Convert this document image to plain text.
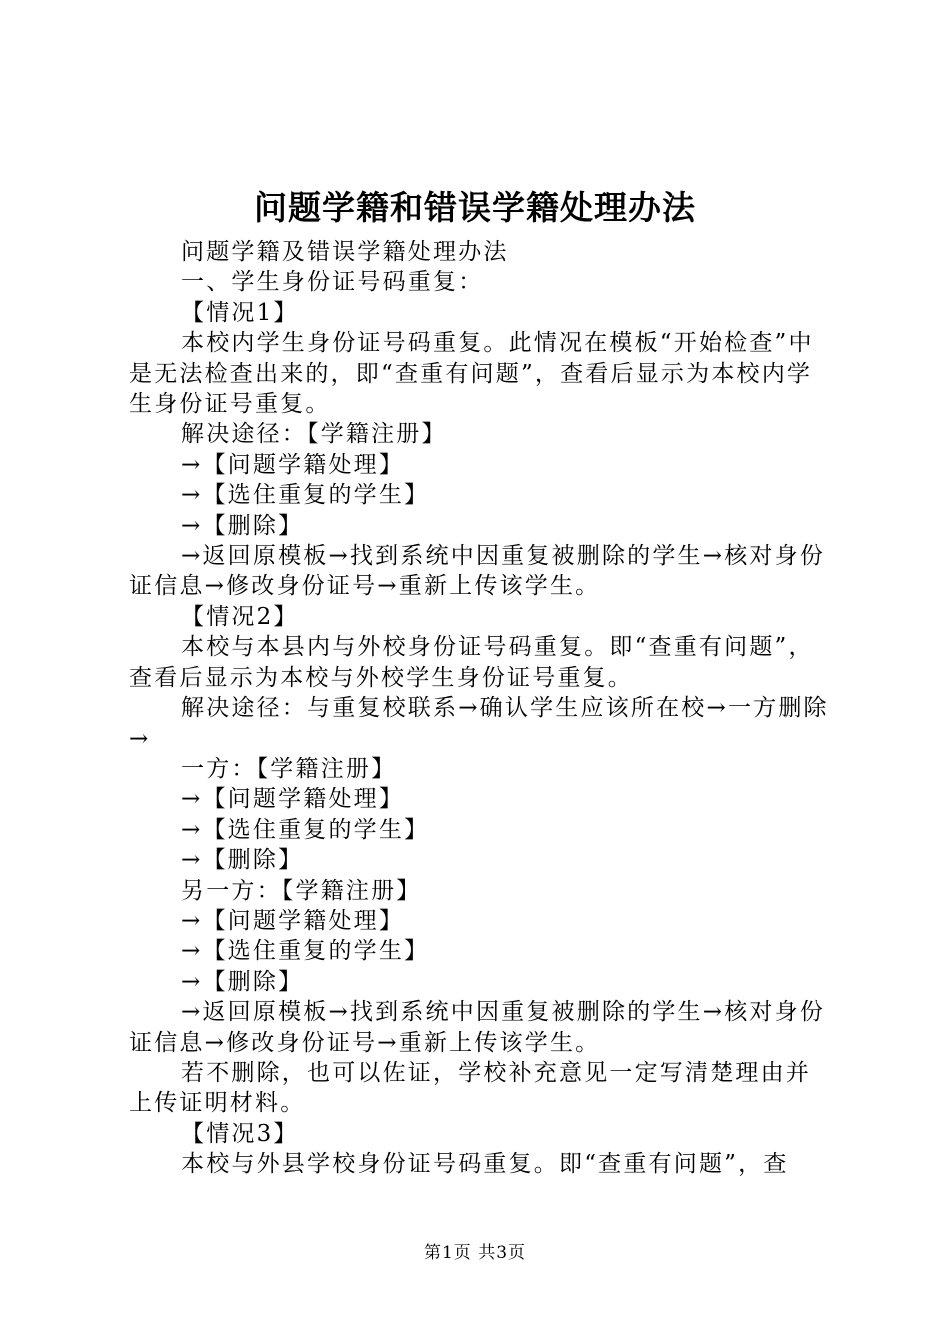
问题学籍和错误学籍处理办法

问题学籍及错误学籍处理办法

一、学生身份证号码重复：

【情况1】

本校内学生身份证号码重复。此情况在模板“开始检查”中是无法检查出来的，即“查重有问题”，查看后显示为本校内学生身份证号重复。

解决途径：【学籍注册】

→【问题学籍处理】

→【选住重复的学生】

→【删除】

→返回原模板→找到系统中因重复被删除的学生→核对身份证信息→修改身份证号→重新上传该学生。

【情况2】

本校与本县内与外校身份证号码重复。即“查重有问题”，查看后显示为本校与外校学生身份证号重复。

解决途径：与重复校联系→确认学生应该所在校→一方删除→

一方：【学籍注册】

→【问题学籍处理】

→【选住重复的学生】

→【删除】

另一方：【学籍注册】

→【问题学籍处理】

→【选住重复的学生】

→【删除】

→返回原模板→找到系统中因重复被删除的学生→核对身份证信息→修改身份证号→重新上传该学生。

若不删除，也可以佐证，学校补充意见一定写清楚理由并上传证明材料。

【情况3】

本校与外县学校身份证号码重复。即“查重有问题”，查

第1页 共3页
